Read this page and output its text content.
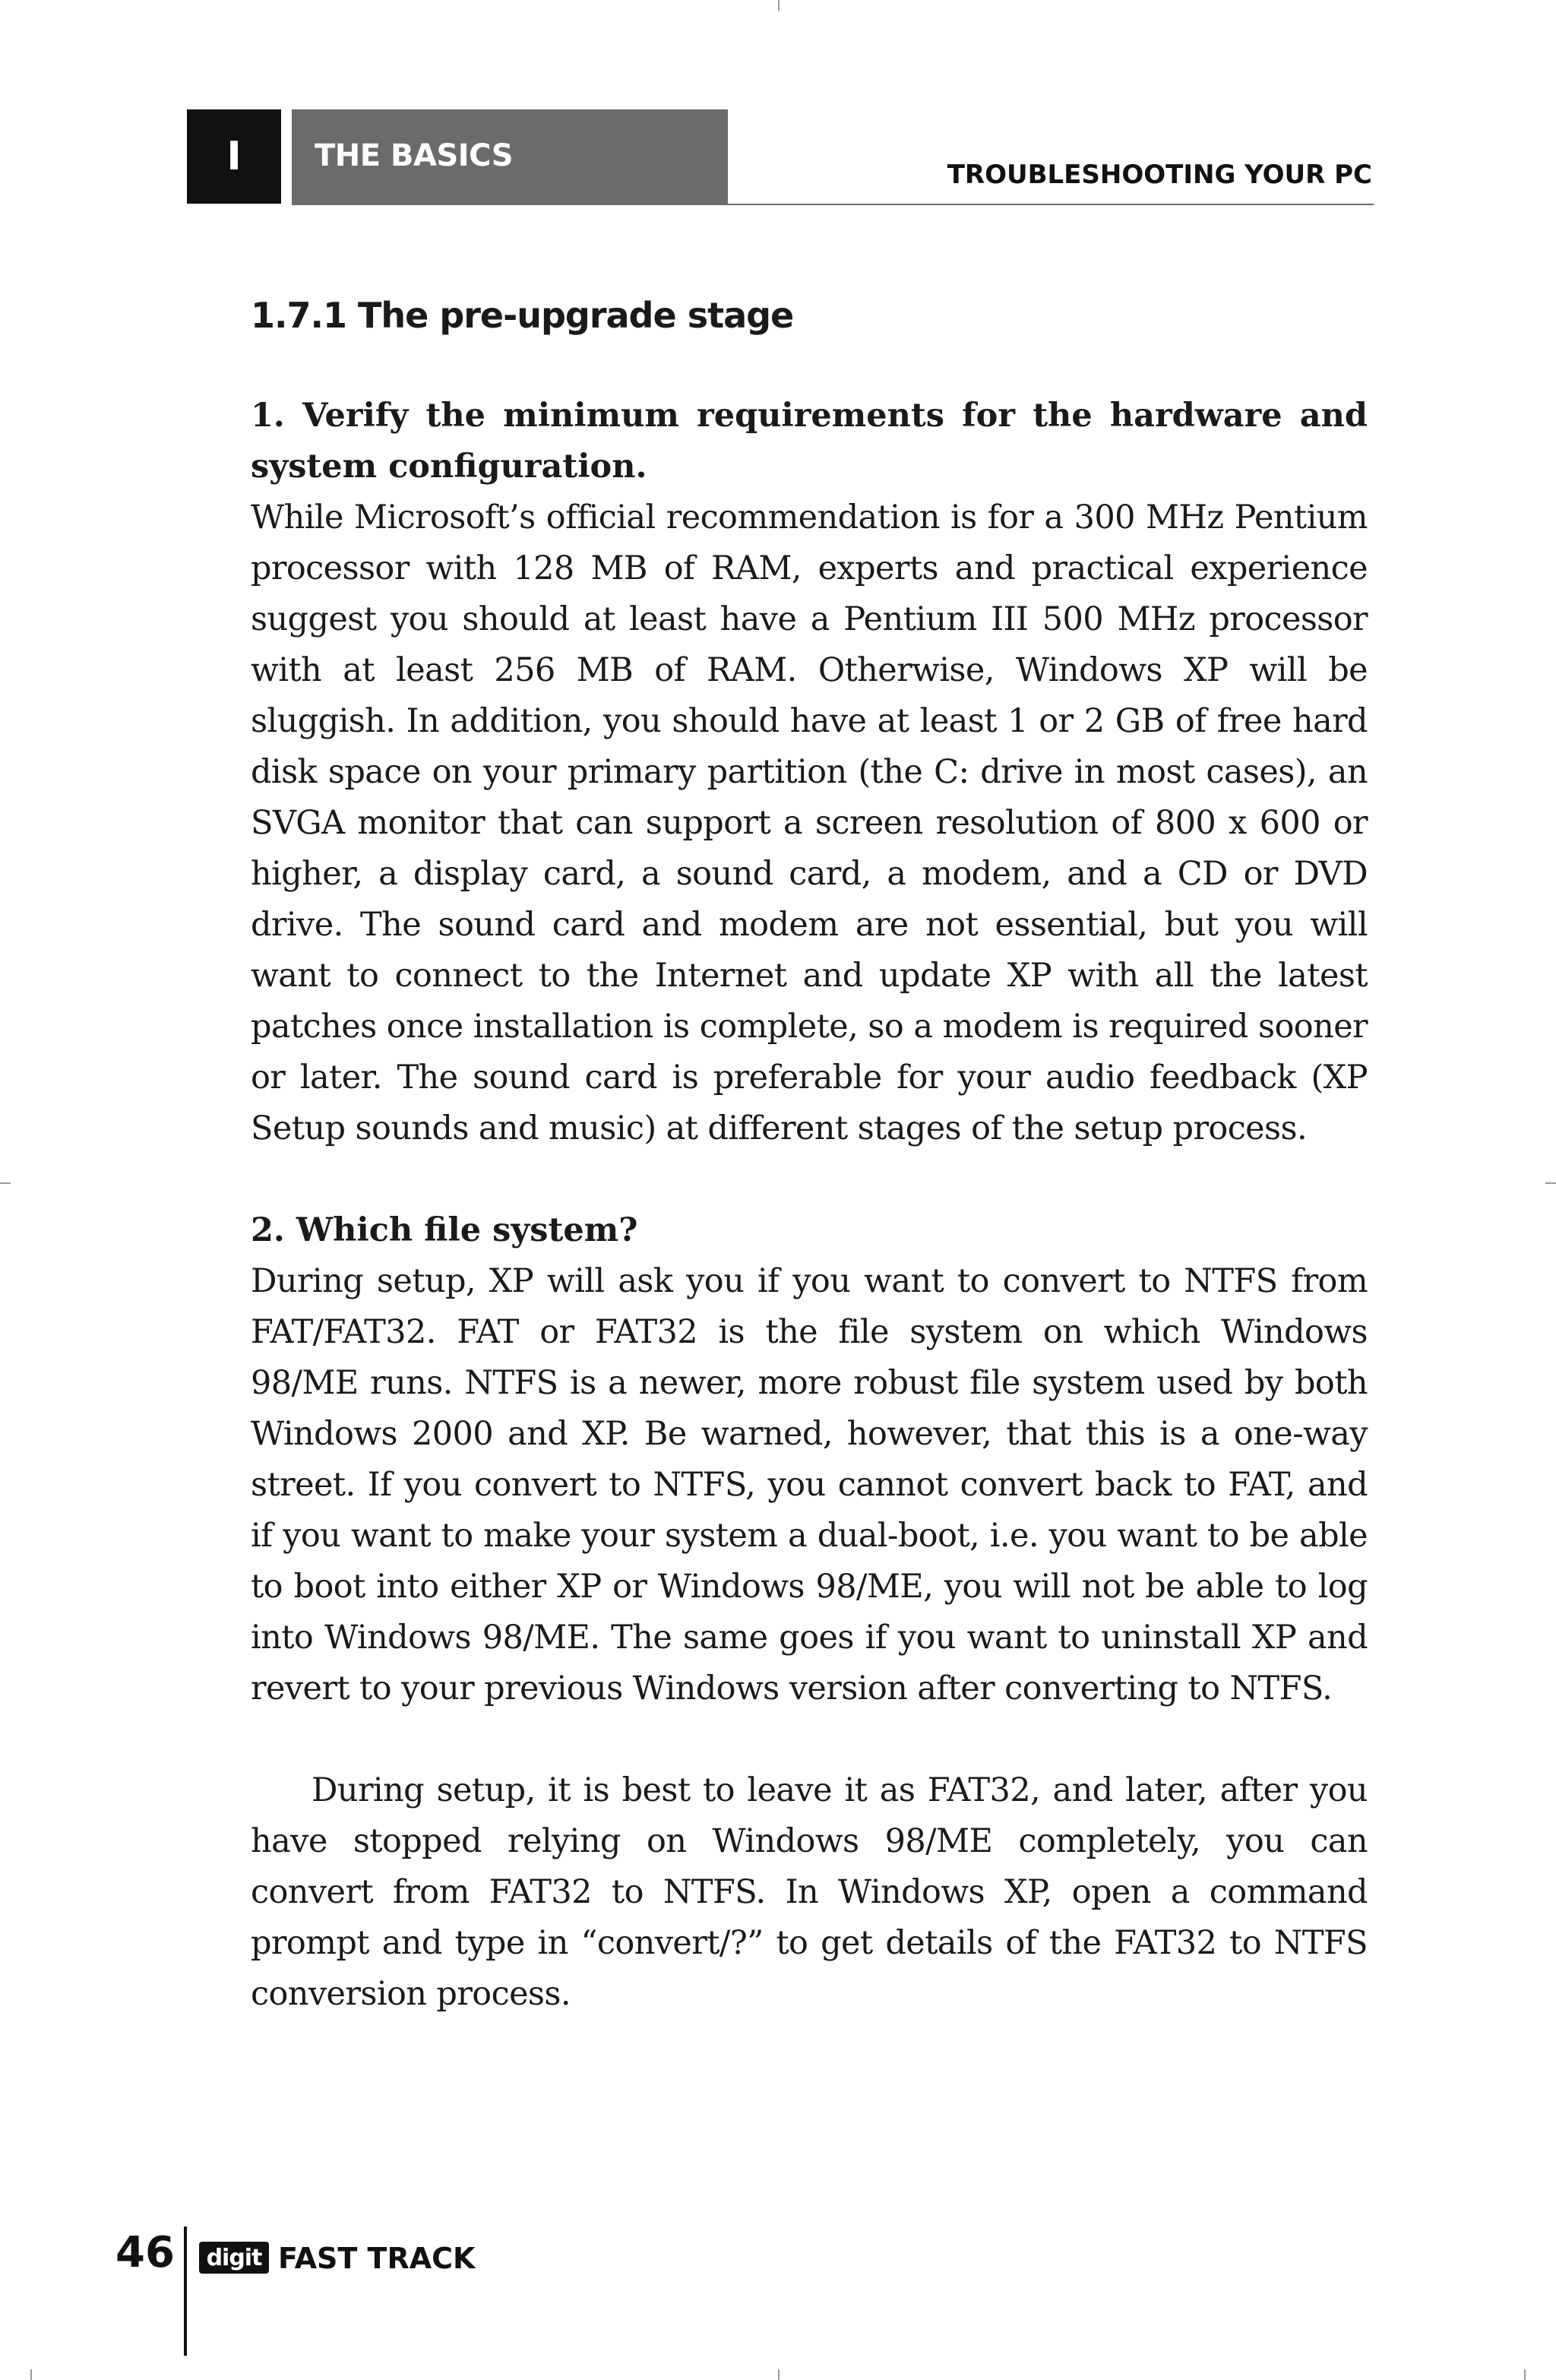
I	THE BASICS
TROUBLESHOOTING YOUR PC
1.7.1 The pre-upgrade stage

1. Verify the minimum requirements for the hardware and system configuration.

While Microsoft’s official recommendation is for a 300 MHz Pentium processor with 128 MB of RAM, experts and practical experience suggest you should at least have a Pentium III 500 MHz processor with at least 256 MB of RAM. Otherwise, Windows XP will be sluggish. In addition, you should have at least 1 or 2 GB of free hard disk space on your primary partition (the C: drive in most cases), an SVGA monitor that can support a screen resolution of 800 x 600 or higher, a display card, a sound card, a modem, and a CD or DVD drive. The sound card and modem are not essential, but you will want to connect to the Internet and update XP with all the latest patches once installation is complete, so a modem is required sooner or later. The sound card is preferable for your audio feedback (XP Setup sounds and music) at different stages of the setup process.

2. Which file system?

During setup, XP will ask you if you want to convert to NTFS from FAT/FAT32. FAT or FAT32 is the file system on which Windows 98/ME runs. NTFS is a newer, more robust file system used by both Windows 2000 and XP. Be warned, however, that this is a one-way street. If you convert to NTFS, you cannot convert back to FAT, and if you want to make your system a dual-boot, i.e. you want to be able to boot into either XP or Windows 98/ME, you will not be able to log into Windows 98/ME. The same goes if you want to uninstall XP and revert to your previous Windows version after converting to NTFS.

During setup, it is best to leave it as FAT32, and later, after you have stopped relying on Windows 98/ME completely, you can convert from FAT32 to NTFS. In Windows XP, open a command prompt and type in “convert/?” to get details of the FAT32 to NTFS conversion process.

46 digit FAST TRACK
